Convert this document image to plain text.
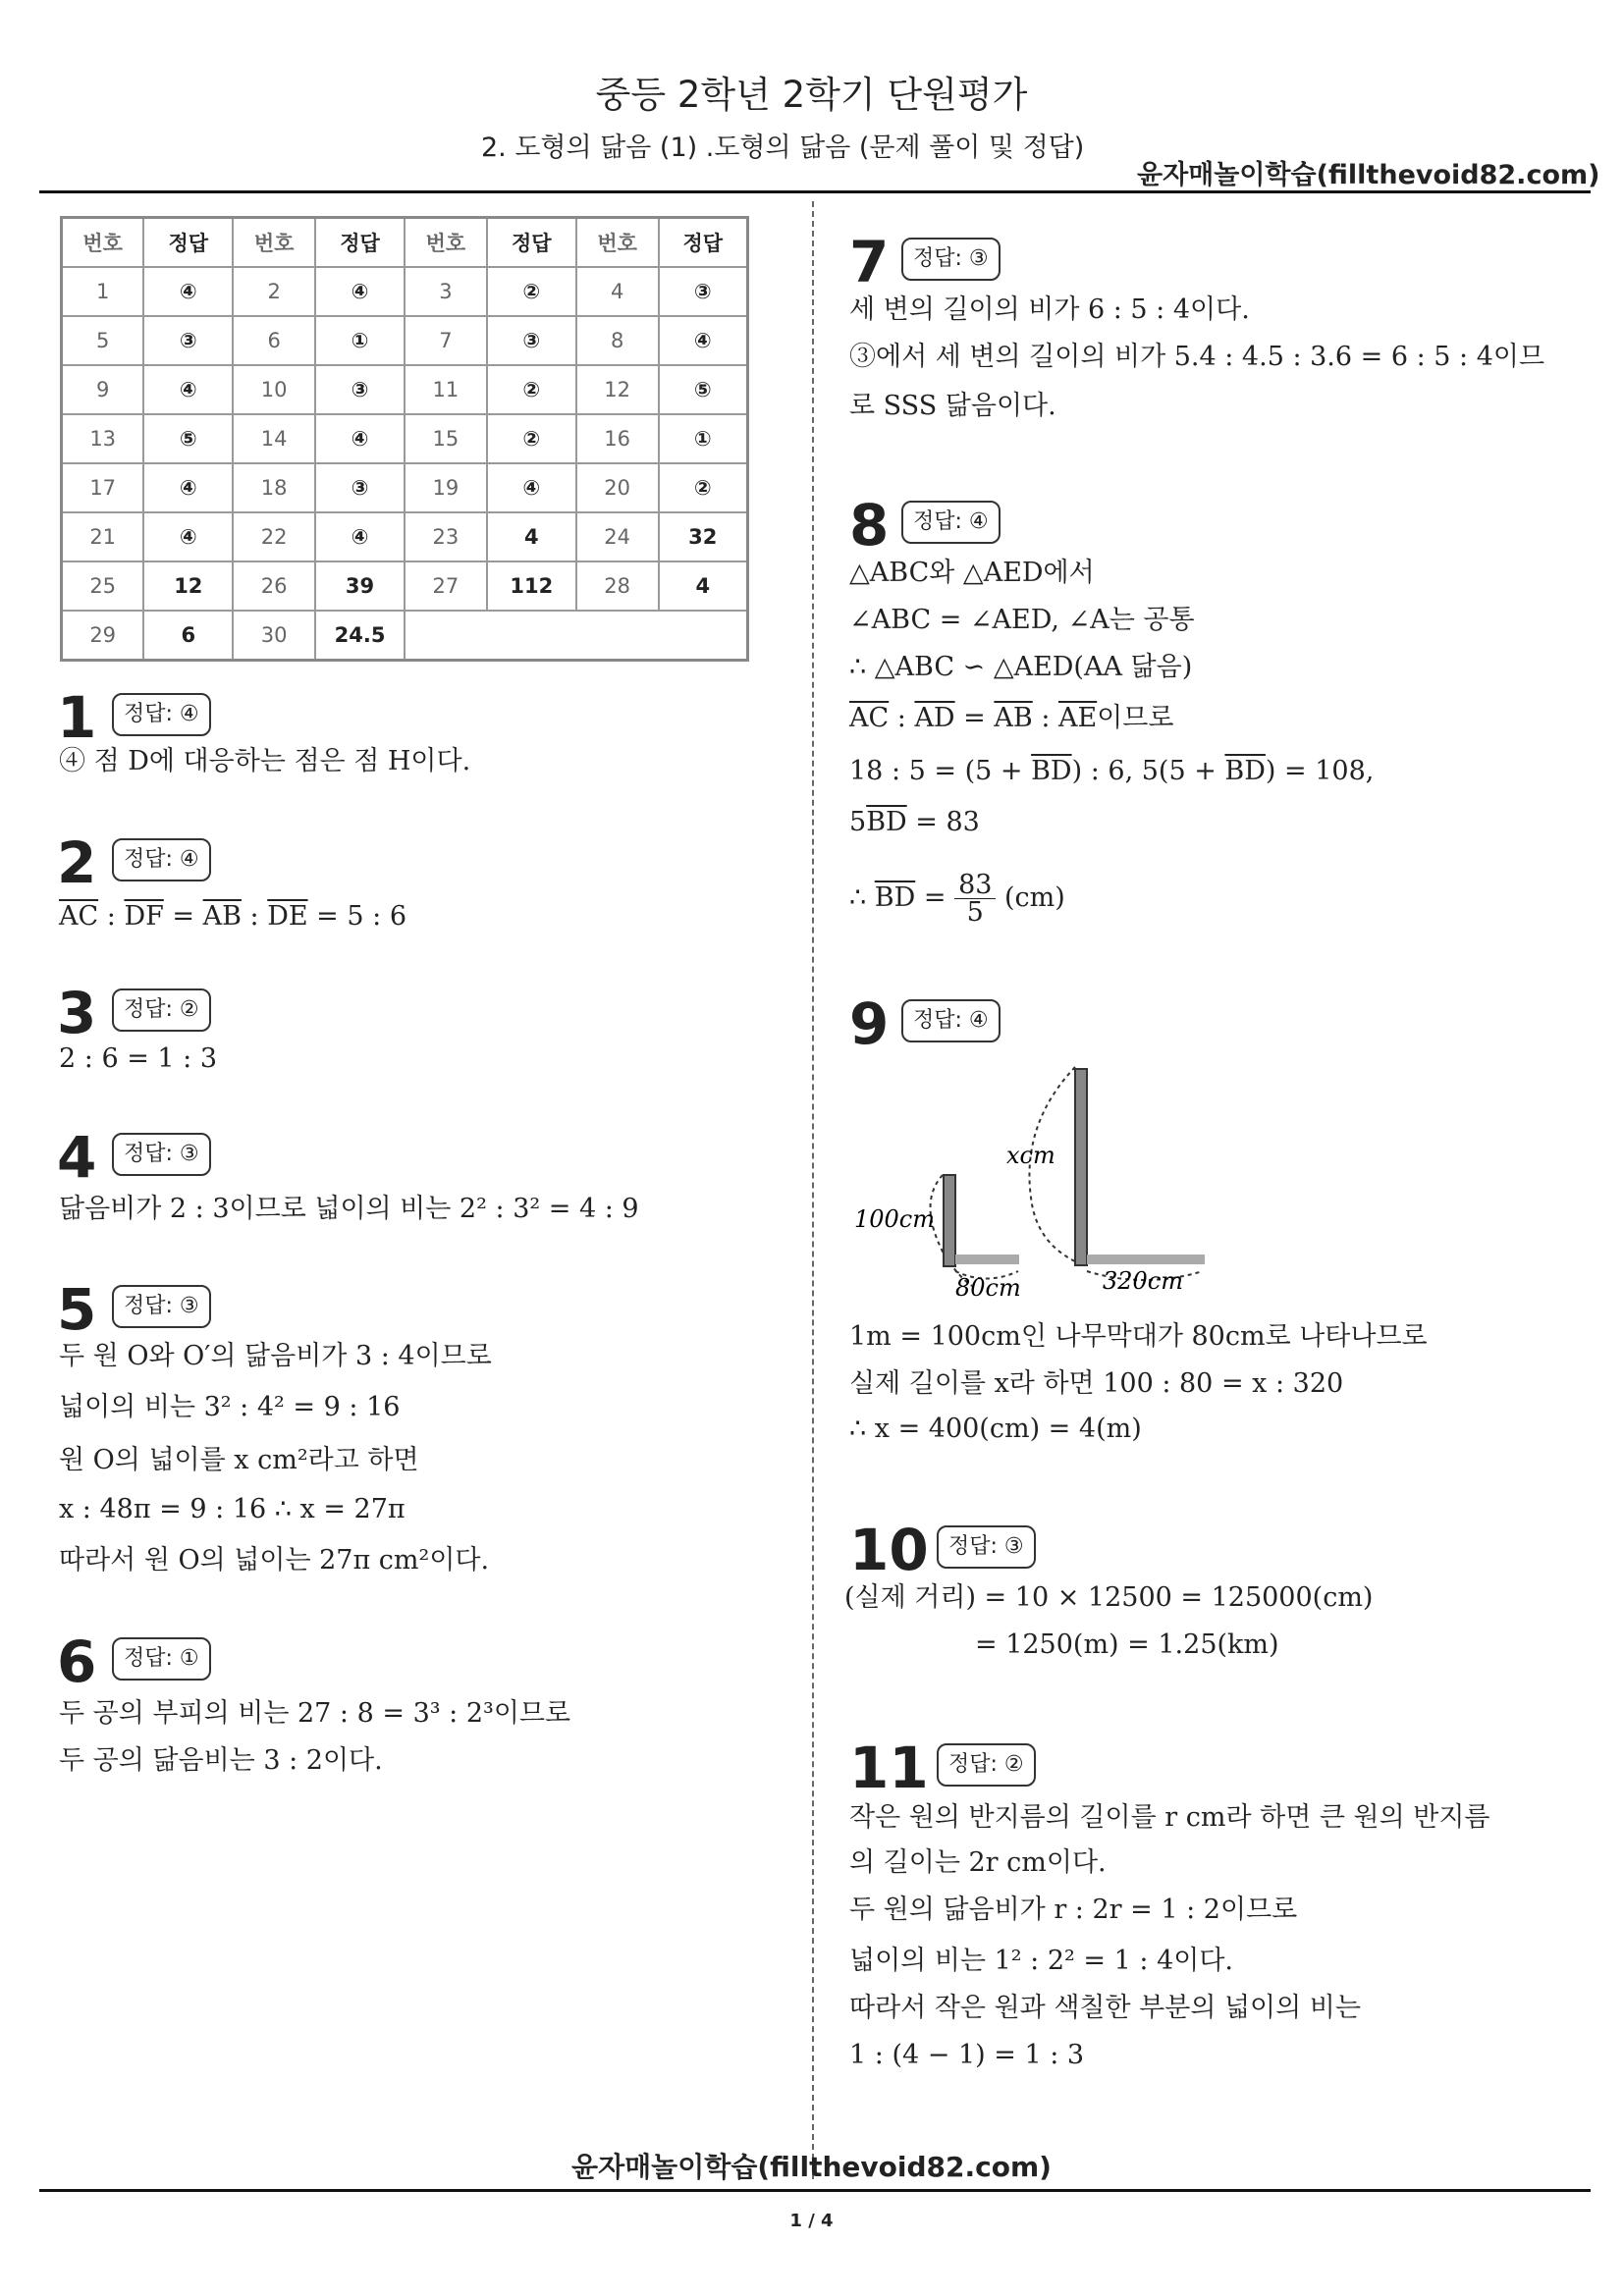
중등 2학년 2학기 단원평가
2. 도형의 닮음 (1) .도형의 닮음 (문제 풀이 및 정답)
윤자매놀이학습(fillthevoid82.com)
번호	정답	번호	정답	번호	정답	번호	정답
1	④	2	④	3	②	4	③
5	③	6	①	7	③	8	④
9	④	10	③	11	②	12	⑤
13	⑤	14	④	15	②	16	①
17	④	18	③	19	④	20	②
21	④	22	④	23	4	24	32
25	12	26	39	27	112	28	4
29	6	30	24.5				
1	정답: ④
④ 점 D에 대응하는 점은 점 H이다.
2	정답: ④
$\overline{AC}$ : $\overline{DF} = \overline{AB}$ : $\overline{DE} = 5$ : 6
3	정답: ②
2 : 6 = 1 : 3
4	정답: ③
닮음비가 2 : 3이므로 넓이의 비는 2² : 3² = 4 : 9
5	정답: ③
두 원 O와 O′의 닮음비가 3 : 4이므로
넓이의 비는 3² : 4² = 9 : 16
원 O의 넓이를 x cm²라고 하면
x : 48π = 9 : 16 ∴ x = 27π
따라서 원 O의 넓이는 27π cm²이다.
6	정답: ①
두 공의 부피의 비는 27 : 8 = 3³ : 2³이므로
두 공의 닮음비는 3 : 2이다.
7	정답: ③
세 변의 길이의 비가 6 : 5 : 4이다.
③에서 세 변의 길이의 비가 5.4 : 4.5 : 3.6 = 6 : 5 : 4이므
로 SSS 닮음이다.
8	정답: ④
△ABC와 △AED에서
∠ABC = ∠AED, ∠A는 공통
∴ △ABC ∽ △AED(AA 닮음)
$\overline{AC}$ : $\overline{AD} = \overline{AB}$ : $\overline{AE}$이므로
18 : $5 = (5 + \overline{BD})$ : 6, $5(5 + \overline{BD}) = 108$,
$5\overline{BD} = 83$
∴ $\overline{BD} = \frac{83}{5} (cm)$
9	정답: ④
100cm
xcm
80cm	320cm
1m = 100cm인 나무막대가 80cm로 나타나므로
실제 길이를 x라 하면 100 : 80 = x : 320
∴ x = 400(cm) = 4(m)
10 정답: ③
(실제 거리) = 10 × 12500 = 125000(cm)
= 1250(m) = 1.25(km)
11 정답: ②
작은 원의 반지름의 길이를 r cm라 하면 큰 원의 반지름
의 길이는 2r cm이다.
두 원의 닮음비가 r : 2r = 1 : 2이므로
넓이의 비는 1² : 2² = 1 : 4이다.
따라서 작은 원과 색칠한 부분의 넓이의 비는
1 : (4 − 1) = 1 : 3
윤자매놀이학습(fillthevoid82.com)
1 / 4
